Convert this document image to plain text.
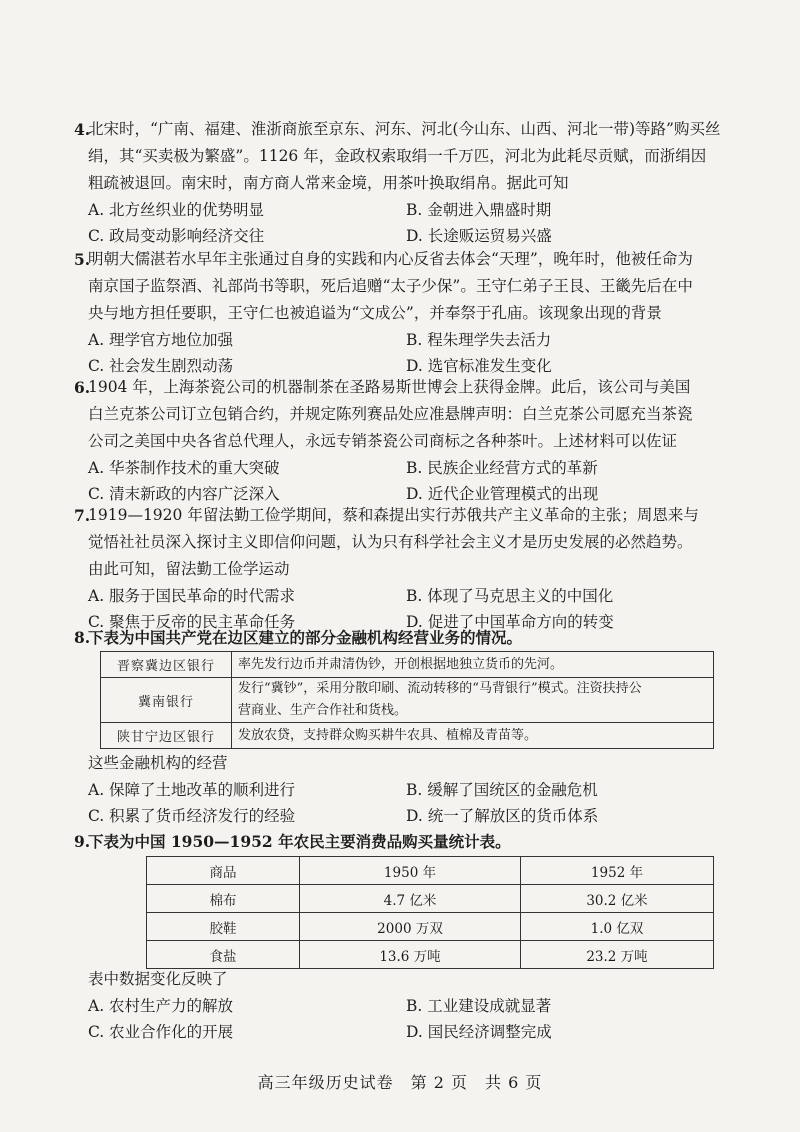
4.
北宋时，“广南、福建、淮浙商旅至京东、河东、河北(今山东、山西、河北一带)等路”购买丝
绢，其“买卖极为繁盛”。1126 年，金政权索取绢一千万匹，河北为此耗尽贡赋，而浙绢因
粗疏被退回。南宋时，南方商人常来金境，用茶叶换取绢帛。据此可知
A. 北方丝织业的优势明显	B. 金朝进入鼎盛时期
C. 政局变动影响经济交往	D. 长途贩运贸易兴盛
5.
明朝大儒湛若水早年主张通过自身的实践和内心反省去体会“天理”，晚年时，他被任命为
南京国子监祭酒、礼部尚书等职，死后追赠“太子少保”。王守仁弟子王艮、王畿先后在中
央与地方担任要职，王守仁也被追谥为“文成公”，并奉祭于孔庙。该现象出现的背景
A. 理学官方地位加强	B. 程朱理学失去活力
C. 社会发生剧烈动荡	D. 选官标准发生变化
6.
1904 年，上海茶瓷公司的机器制茶在圣路易斯世博会上获得金牌。此后，该公司与美国
白兰克茶公司订立包销合约，并规定陈列赛品处应准悬牌声明：白兰克茶公司愿充当茶瓷
公司之美国中央各省总代理人，永远专销茶瓷公司商标之各种茶叶。上述材料可以佐证
A. 华茶制作技术的重大突破	B. 民族企业经营方式的革新
C. 清末新政的内容广泛深入	D. 近代企业管理模式的出现
7.
1919—1920 年留法勤工俭学期间，蔡和森提出实行苏俄共产主义革命的主张；周恩来与
觉悟社社员深入探讨主义即信仰问题，认为只有科学社会主义才是历史发展的必然趋势。
由此可知，留法勤工俭学运动
A. 服务于国民革命的时代需求	B. 体现了马克思主义的中国化
C. 聚焦于反帝的民主革命任务	D. 促进了中国革命方向的转变
8.
下表为中国共产党在边区建立的部分金融机构经营业务的情况。
晋察冀边区银行	率先发行边币并肃清伪钞，开创根据地独立货币的先河。

冀南银行	发行“冀钞”，采用分散印刷、流动转移的“马背银行”模式。注资扶持公
营商业、生产合作社和货栈。

陕甘宁边区银行	发放农贷，支持群众购买耕牛农具、植棉及青苗等。
这些金融机构的经营
A. 保障了土地改革的顺利进行	B. 缓解了国统区的金融危机
C. 积累了货币经济发行的经验	D. 统一了解放区的货币体系
9.
下表为中国 1950—1952 年农民主要消费品购买量统计表。
商品	1950 年	1952 年
棉布	4.7 亿米	30.2 亿米
胶鞋	2000 万双	1.0 亿双
食盐	13.6 万吨	23.2 万吨
表中数据变化反映了
A. 农村生产力的解放	B. 工业建设成就显著
C. 农业合作化的开展	D. 国民经济调整完成
高三年级历史试卷　第 2 页　共 6 页
